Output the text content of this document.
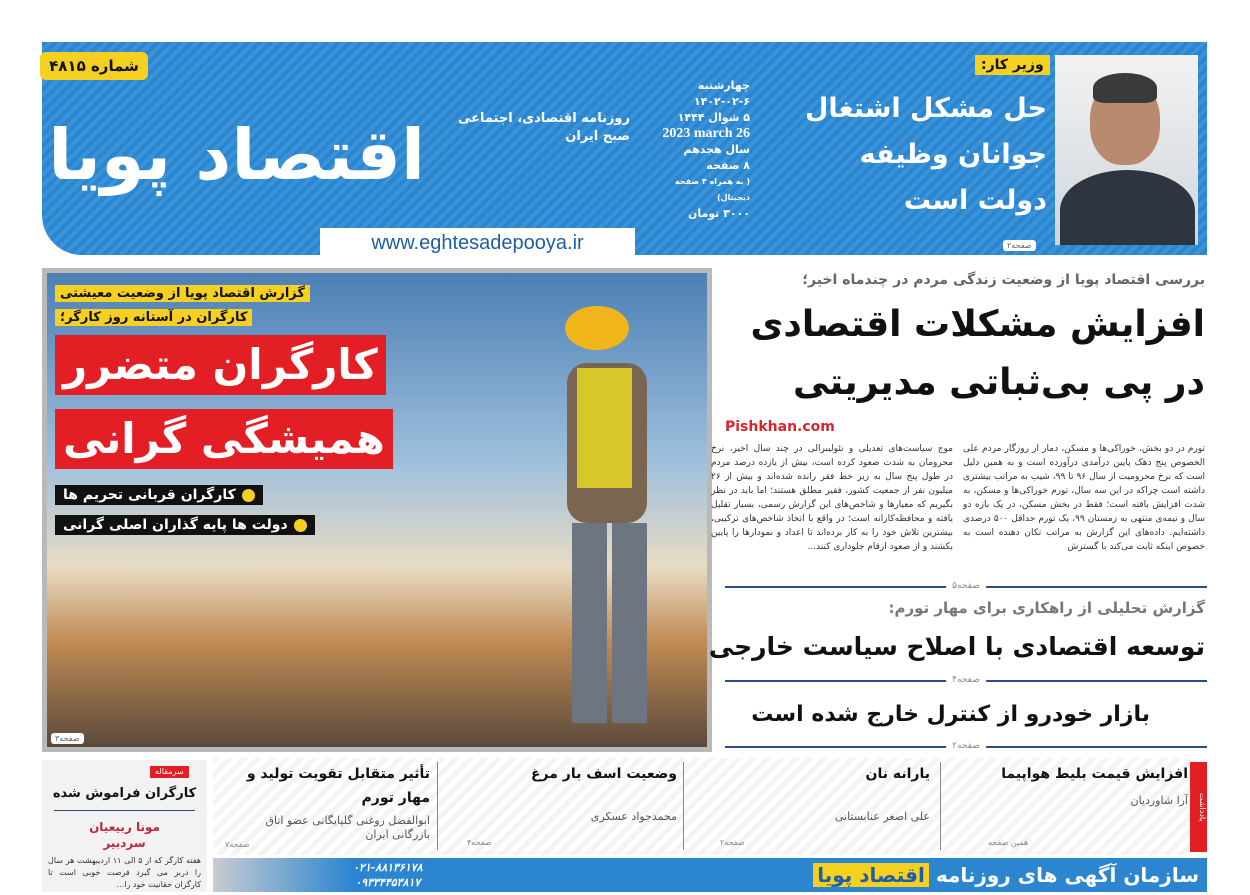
اقتصاد پویا	روزنامه اقتصادی، اجتماعی صبح ایران
شماره ۴۸۱۵
www.eghtesadepooya.ir
چهارشنبه
۱۴۰۲-۰۲-۶
۵ شوال ۱۴۴۴
2023 march 26
سال هجدهم
۸ صفحه
( به همراه ۴ صفحه دیجیتال)
۳۰۰۰ تومان
وزیر کار:
حل مشکل اشتغال جوانان وظیفه دولت است
صفحه۲
گزارش اقتصاد پویا از وضعیت معیشتی
کارگران در آستانه روز کارگر؛
کارگران متضرر
همیشگی گرانی
کارگران قربانی تحریم ها
دولت ها پایه گذاران اصلی گرانی
صفحه۳
بررسی اقتصاد پویا از وضعیت زندگی مردم در چندماه اخیر؛
افزایش مشکلات اقتصادی
در پی بی‌ثباتی مدیریتی
Pishkhan.com
تورم در دو بخش، خوراکی‌ها و مسکن، دمار از روزگار مردم علی الخصوص پنج دهک پایین درآمدی درآورده است و به همین دلیل است که نرخ محرومیت از سال ۹۶ تا ۹۹، شیب به مراتب بیشتری داشته است چراکه در این سه سال، تورم خوراکی‌ها و مسکن، به شدت افزایش یافته است؛ فقط در بخش مسکن، در یک بازه دو سال و نیمه‌ی منتهی به زمستان ۹۹، یک تورم حداقل ۵۰۰ درصدی داشته‌ایم. داده‌های این گزارش به مراتب تکان دهنده است به خصوص اینکه ثابت می‌کند با گسترش
موج سیاست‌های تعدیلی و نئولیبرالی در چند سال اخیر، نرخ محرومان به شدت صعود کرده است، بیش از یازده درصد مردم در طول پنج سال به زیر خط فقر رانده شده‌اند و بیش از ۲۶ میلیون نفر از جمعیت کشور، فقیر مطلق هستند؛ اما باید در نظر بگیریم که معیارها و شاخص‌های این گزارش رسمی، بسیار تقلیل یافته و محافظه‌کارانه است؛ در واقع با اتخاذ شاخص‌های ترکیبی، بیشترین تلاش خود را به کار برده‌اند تا اعداد و نمودارها را پایین بکشند و از صعود ارقام جلوداری کنند...
صفحه۵
گزارش تحلیلی از راهکاری برای مهار تورم:
توسعه اقتصادی با اصلاح سیاست خارجی
صفحه۴
بازار خودرو از کنترل خارج شده است
صفحه۲
یادداشت
افزایش قیمت بلیط هواپیما
آرا شاوردیان
همین صفحه
یارانه نان
علی اصغر عنابستانی
صفحه۲
وضعیت اسف بار مرغ
محمدجواد عسکری
صفحه۴
تأثیر متقابل تقویت تولید و مهار تورم
ابوالفضل روغنی گلپایگانی عضو اتاق بازرگانی ایران
صفحه۷
سرمقاله
کارگران فراموش شده
مونا ربیعیان
سردبیر
هفته کارگر که از ۵ الی ۱۱ اردیبهشت هر سال را دربر می گیرد فرصت خوبی است تا کارگران حقانیت خود را...
۰۲۱-۸۸۱۳۶۱۷۸
۰۹۳۳۴۴۵۳۸۱۷	سازمان آگهی های روزنامه اقتصاد پویا
